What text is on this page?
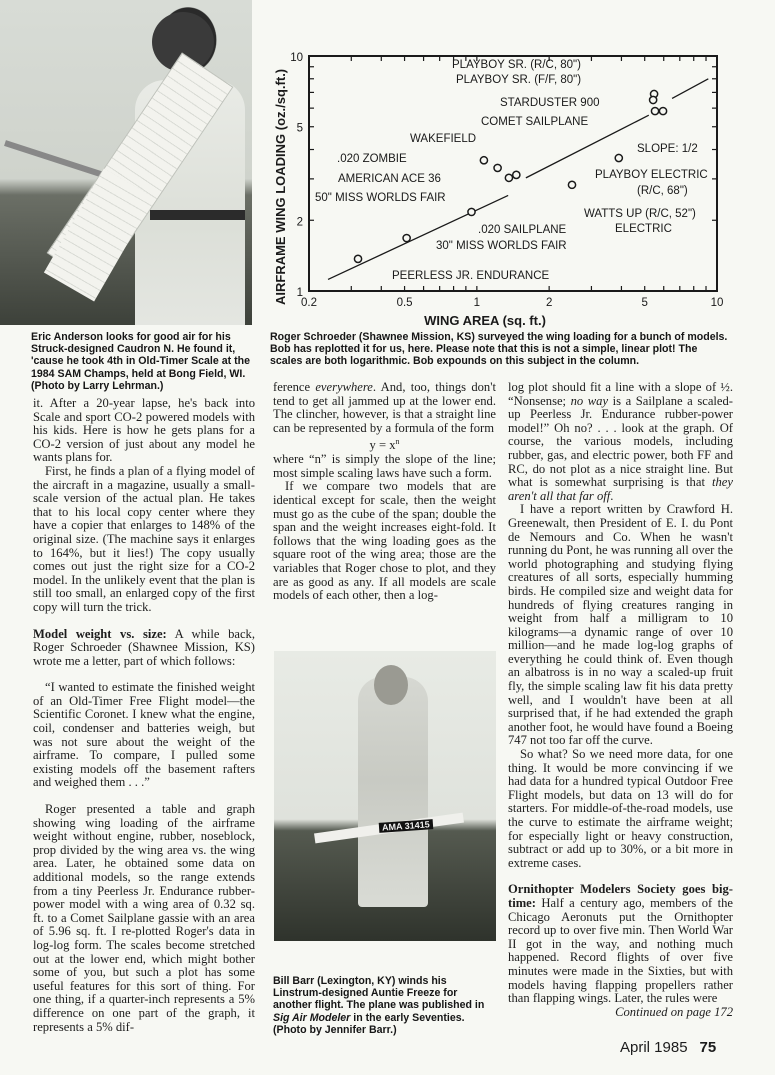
AMA 31415
0.2	0.5	1	2	5	10
1
2
5
10
PLAYBOY SR. (R/C, 80")
PLAYBOY SR. (F/F, 80")
STARDUSTER 900
COMET SAILPLANE
WAKEFIELD
.020 ZOMBIE
SLOPE: 1/2
AMERICAN ACE 36	PLAYBOY ELECTRIC
(R/C, 68")
50" MISS WORLDS FAIR
WATTS UP (R/C, 52")
.020 SAILPLANE	ELECTRIC
30" MISS WORLDS FAIR
PEERLESS JR. ENDURANCE
WING AREA (sq. ft.)
AIRFRAME WING LOADING (oz./sq.ft.)
Eric Anderson looks for good air for his Struck-designed Caudron N. He found it, 'cause he took 4th in Old-Timer Scale at the 1984 SAM Champs, held at Bong Field, WI. (Photo by Larry Lehrman.)
Roger Schroeder (Shawnee Mission, KS) surveyed the wing loading for a bunch of models. Bob has replotted it for us, here. Please note that this is not a simple, linear plot! The scales are both logarithmic. Bob expounds on this subject in the column.
Bill Barr (Lexington, KY) winds his Linstrum-designed Auntie Freeze for another flight. The plane was published in Sig Air Modeler in the early Seventies. (Photo by Jennifer Barr.)

it. After a 20-year lapse, he's back into Scale and sport CO-2 powered models with his kids. Here is how he gets plans for a CO-2 version of just about any model he wants plans for.

First, he finds a plan of a flying model of the aircraft in a magazine, usually a small-scale version of the actual plan. He takes that to his local copy center where they have a copier that enlarges to 148% of the original size. (The machine says it enlarges to 164%, but it lies!) The copy usually comes out just the right size for a CO-2 model. In the unlikely event that the plan is still too small, an enlarged copy of the first copy will turn the trick.

Model weight vs. size: A while back, Roger Schroeder (Shawnee Mission, KS) wrote me a letter, part of which follows:

“I wanted to estimate the finished weight of an Old-Timer Free Flight model—the Scientific Coronet. I knew what the engine, coil, condenser and batteries weigh, but was not sure about the weight of the airframe. To compare, I pulled some existing models off the basement rafters and weighed them . . .”

Roger presented a table and graph showing wing loading of the airframe weight without engine, rubber, noseblock, prop divided by the wing area vs. the wing area. Later, he obtained some data on additional models, so the range extends from a tiny Peerless Jr. Endurance rubber-power model with a wing area of 0.32 sq. ft. to a Comet Sailplane gassie with an area of 5.96 sq. ft. I re-plotted Roger's data in log-log form. The scales become stretched out at the lower end, which might bother some of you, but such a plot has some useful features for this sort of thing. For one thing, if a quarter-inch represents a 5% difference on one part of the graph, it represents a 5% dif-

ference everywhere. And, too, things don't tend to get all jammed up at the lower end. The clincher, however, is that a straight line can be represented by a formula of the form

$y = x^n$

where “n” is simply the slope of the line; most simple scaling laws have such a form.

If we compare two models that are identical except for scale, then the weight must go as the cube of the span; double the span and the weight increases eight-fold. It follows that the wing loading goes as the square root of the wing area; those are the variables that Roger chose to plot, and they are as good as any. If all models are scale models of each other, then a log-

log plot should fit a line with a slope of ½. “Nonsense; no way is a Sailplane a scaled-up Peerless Jr. Endurance rubber-power model!” Oh no? . . . look at the graph. Of course, the various models, including rubber, gas, and electric power, both FF and RC, do not plot as a nice straight line. But what is somewhat surprising is that they aren't all that far off.

I have a report written by Crawford H. Greenewalt, then President of E. I. du Pont de Nemours and Co. When he wasn't running du Pont, he was running all over the world photographing and studying flying creatures of all sorts, especially humming birds. He compiled size and weight data for hundreds of flying creatures ranging in weight from half a milligram to 10 kilograms—a dynamic range of over 10 million—and he made log-log graphs of everything he could think of. Even though an albatross is in no way a scaled-up fruit fly, the simple scaling law fit his data pretty well, and I wouldn't have been at all surprised that, if he had extended the graph another foot, he would have found a Boeing 747 not too far off the curve.

So what? So we need more data, for one thing. It would be more convincing if we had data for a hundred typical Outdoor Free Flight models, but data on 13 will do for starters. For middle-of-the-road models, use the curve to estimate the airframe weight; for especially light or heavy construction, subtract or add up to 30%, or a bit more in extreme cases.

Ornithopter Modelers Society goes big-time: Half a century ago, members of the Chicago Aeronuts put the Ornithopter record up to over five min. Then World War II got in the way, and nothing much happened. Record flights of over five minutes were made in the Sixties, but with models having flapping propellers rather than flapping wings. Later, the rules were

Continued on page 172

April 1985 75
